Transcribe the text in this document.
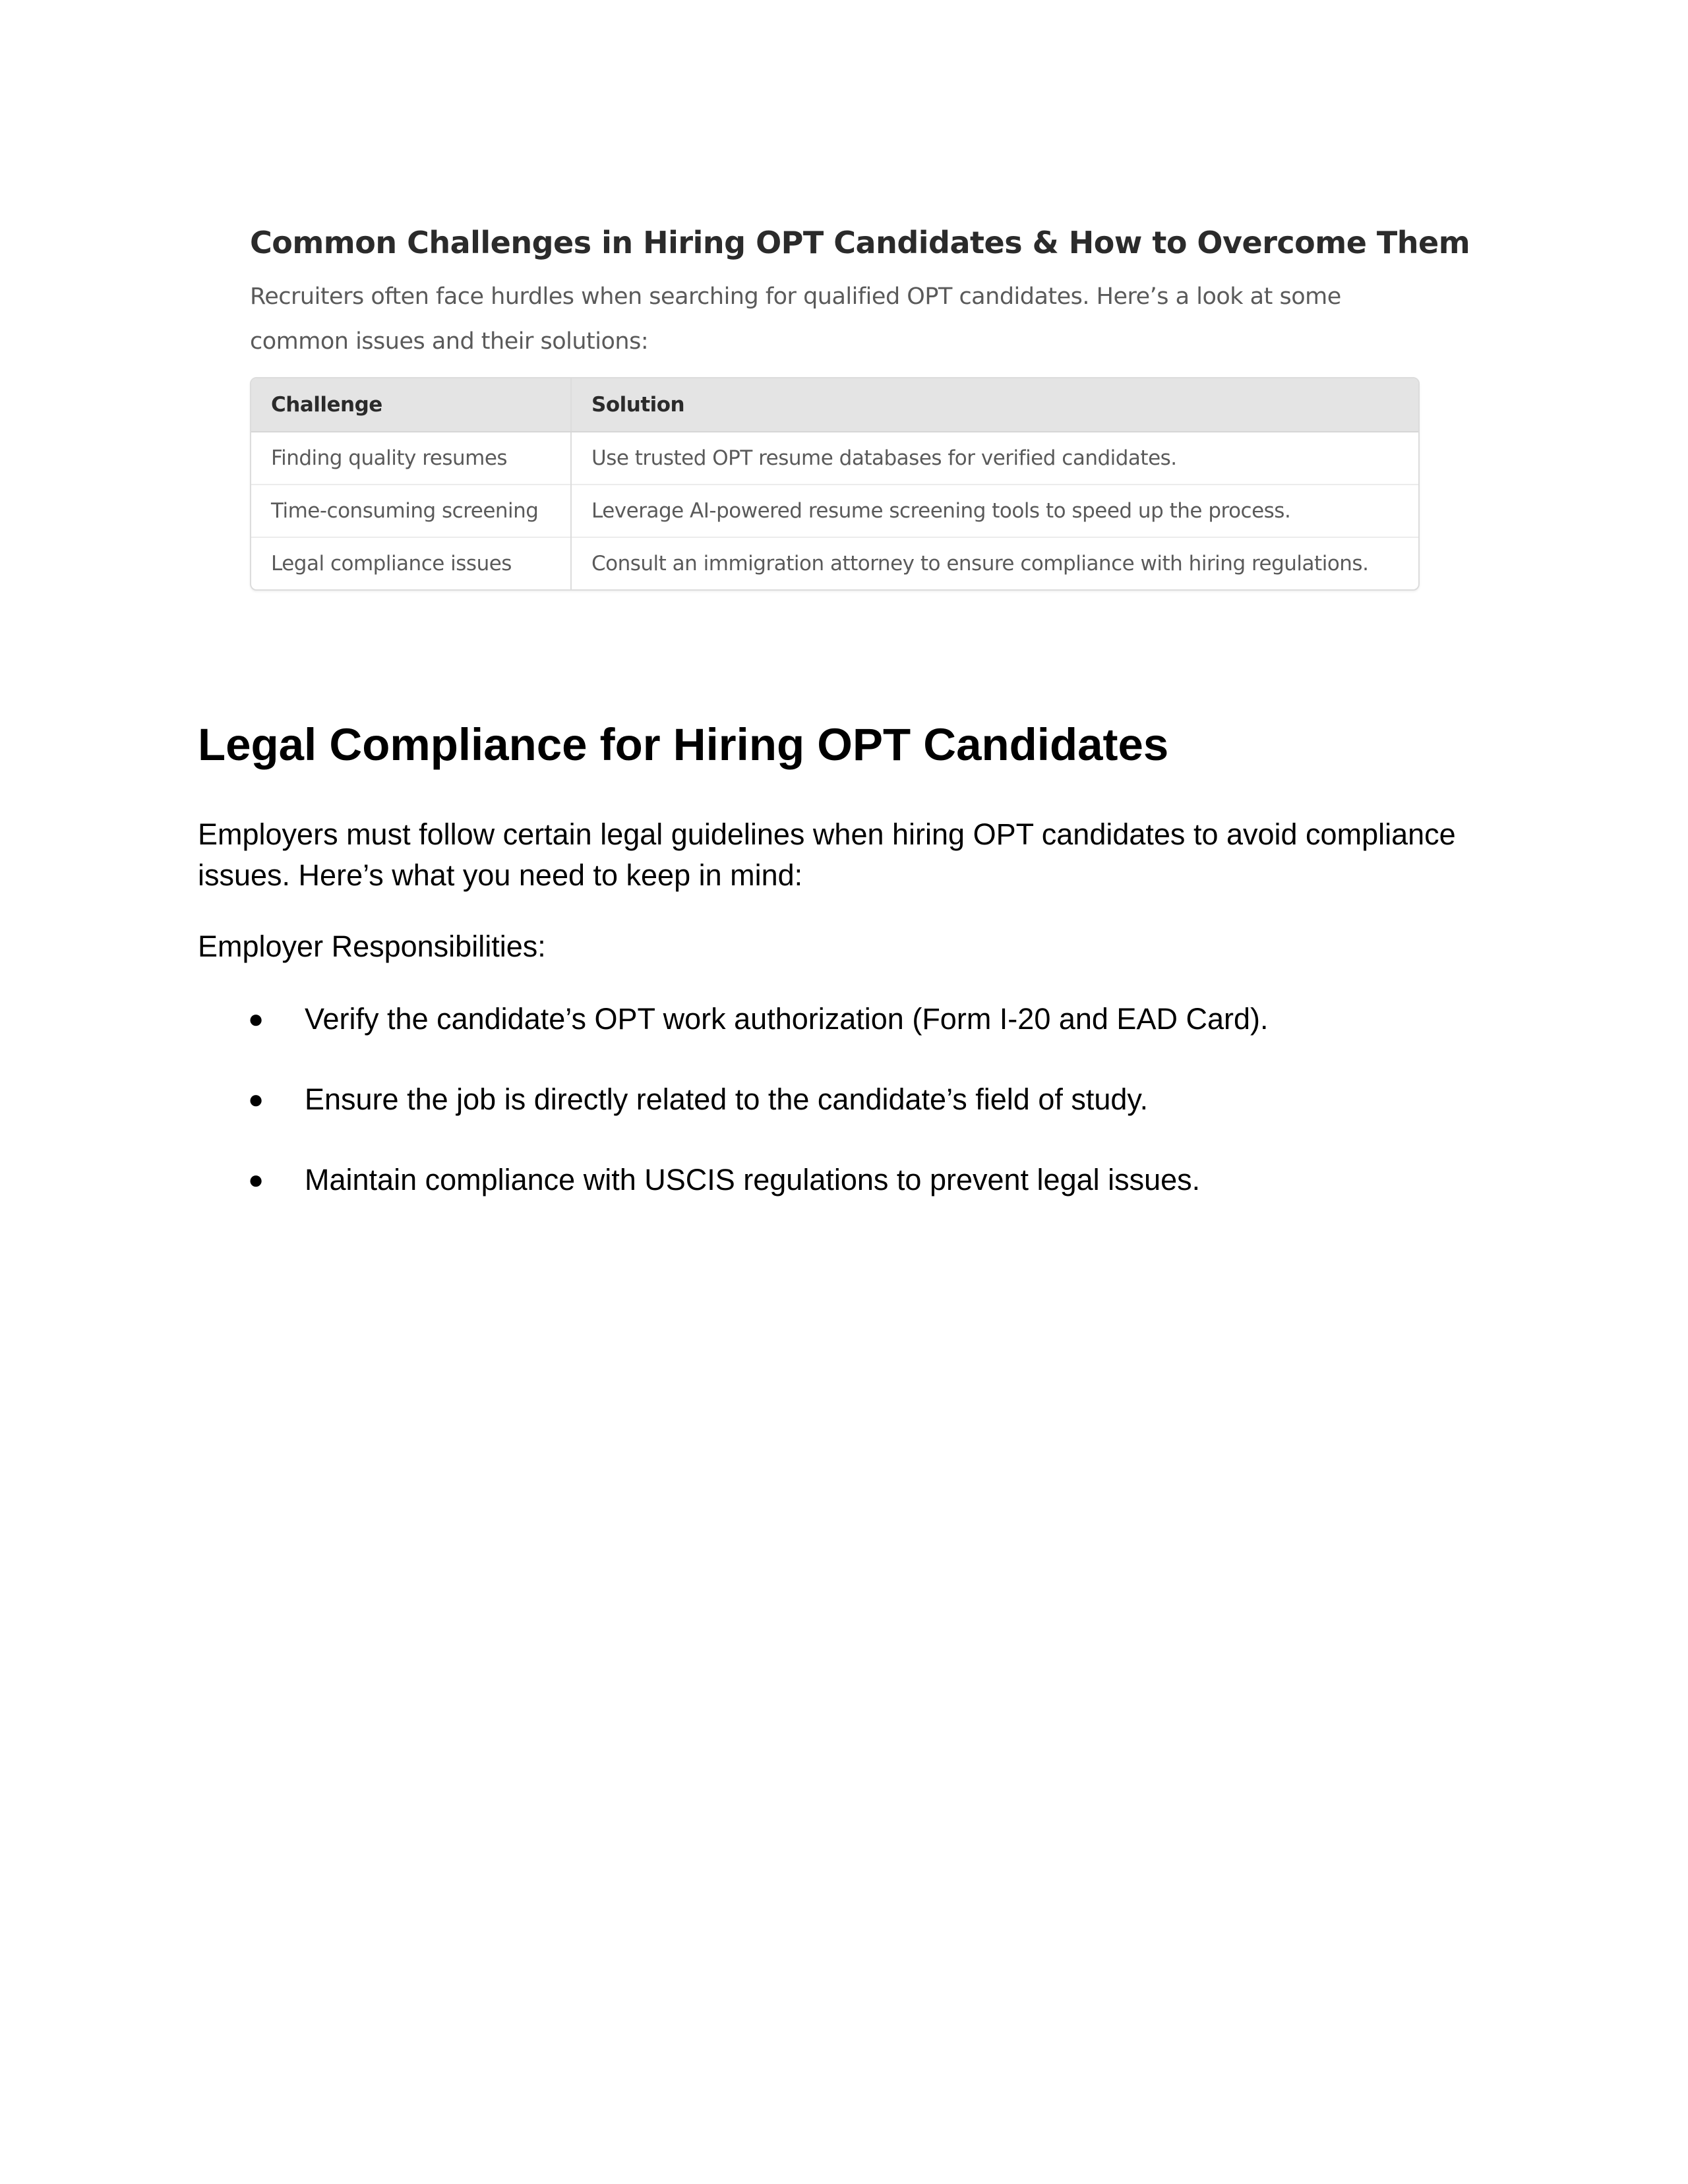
Common Challenges in Hiring OPT Candidates & How to Overcome Them

Recruiters often face hurdles when searching for qualified OPT candidates. Here’s a look at some common issues and their solutions:

Challenge	Solution
Finding quality resumes	Use trusted OPT resume databases for verified candidates.
Time-consuming screening	Leverage AI-powered resume screening tools to speed up the process.
Legal compliance issues	Consult an immigration attorney to ensure compliance with hiring regulations.
Legal Compliance for Hiring OPT Candidates

Employers must follow certain legal guidelines when hiring OPT candidates to avoid compliance issues. Here’s what you need to keep in mind:

Employer Responsibilities:

● Verify the candidate’s OPT work authorization (Form I-20 and EAD Card).
● Ensure the job is directly related to the candidate’s field of study.
● Maintain compliance with USCIS regulations to prevent legal issues.
